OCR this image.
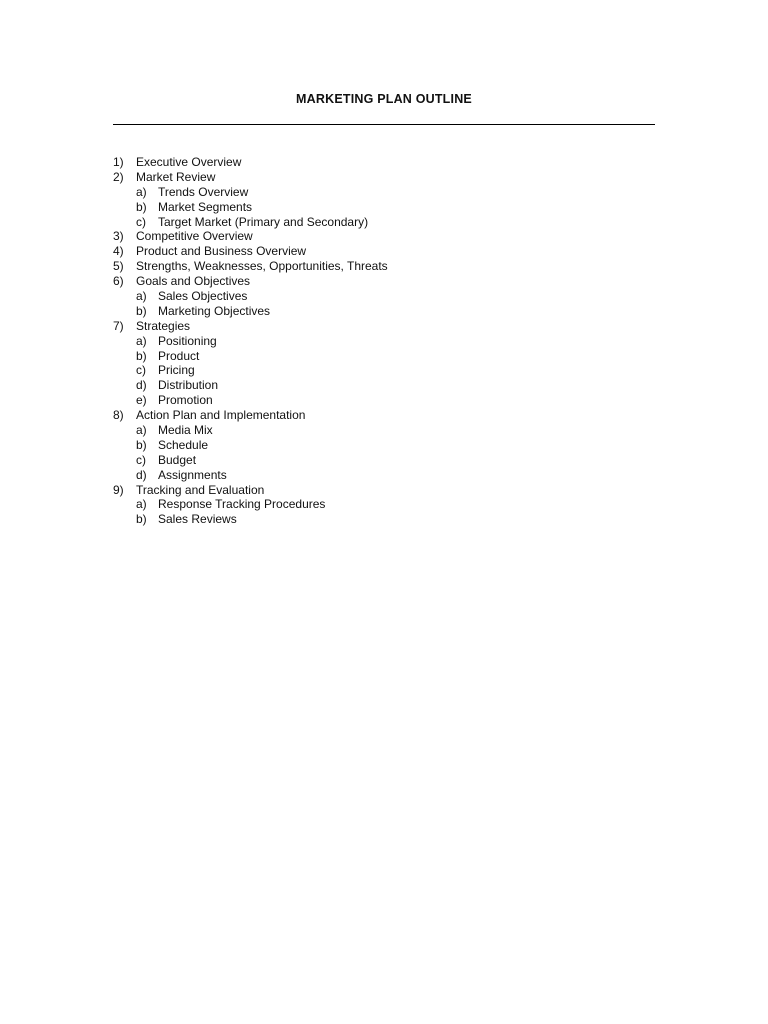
MARKETING PLAN OUTLINE
1) Executive Overview
2) Market Review
a) Trends Overview
b) Market Segments
c) Target Market (Primary and Secondary)
3) Competitive Overview
4) Product and Business Overview
5) Strengths, Weaknesses, Opportunities, Threats
6) Goals and Objectives
a) Sales Objectives
b) Marketing Objectives
7) Strategies
a) Positioning
b) Product
c) Pricing
d) Distribution
e) Promotion
8) Action Plan and Implementation
a) Media Mix
b) Schedule
c) Budget
d) Assignments
9) Tracking and Evaluation
a) Response Tracking Procedures
b) Sales Reviews
